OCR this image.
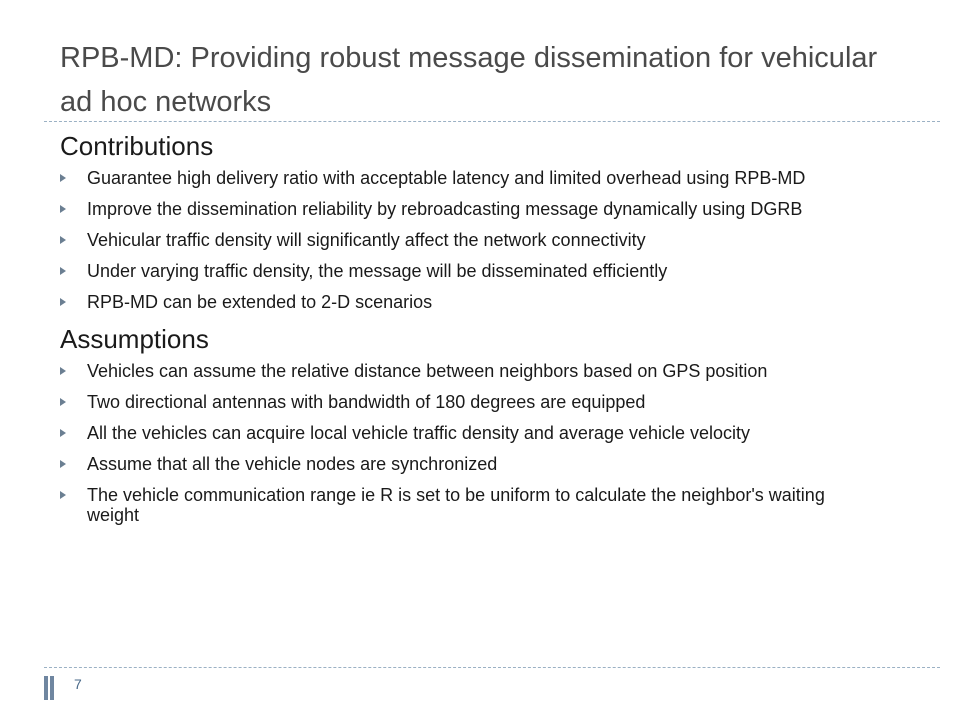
RPB-MD: Providing robust message dissemination for vehicular ad hoc networks
Contributions
Guarantee high delivery ratio with acceptable latency and limited overhead using RPB-MD
Improve the dissemination reliability by rebroadcasting message dynamically using DGRB
Vehicular traffic density will significantly affect the network connectivity
Under varying traffic density, the message will be disseminated efficiently
RPB-MD can be extended to 2-D scenarios
Assumptions
Vehicles can assume the relative distance between neighbors based on GPS position
Two directional antennas with bandwidth of 180 degrees are equipped
All the vehicles can acquire local vehicle traffic density and average vehicle velocity
Assume that all the vehicle nodes are synchronized
The vehicle communication range ie R is set to be uniform to calculate the neighbor's waiting weight
7
